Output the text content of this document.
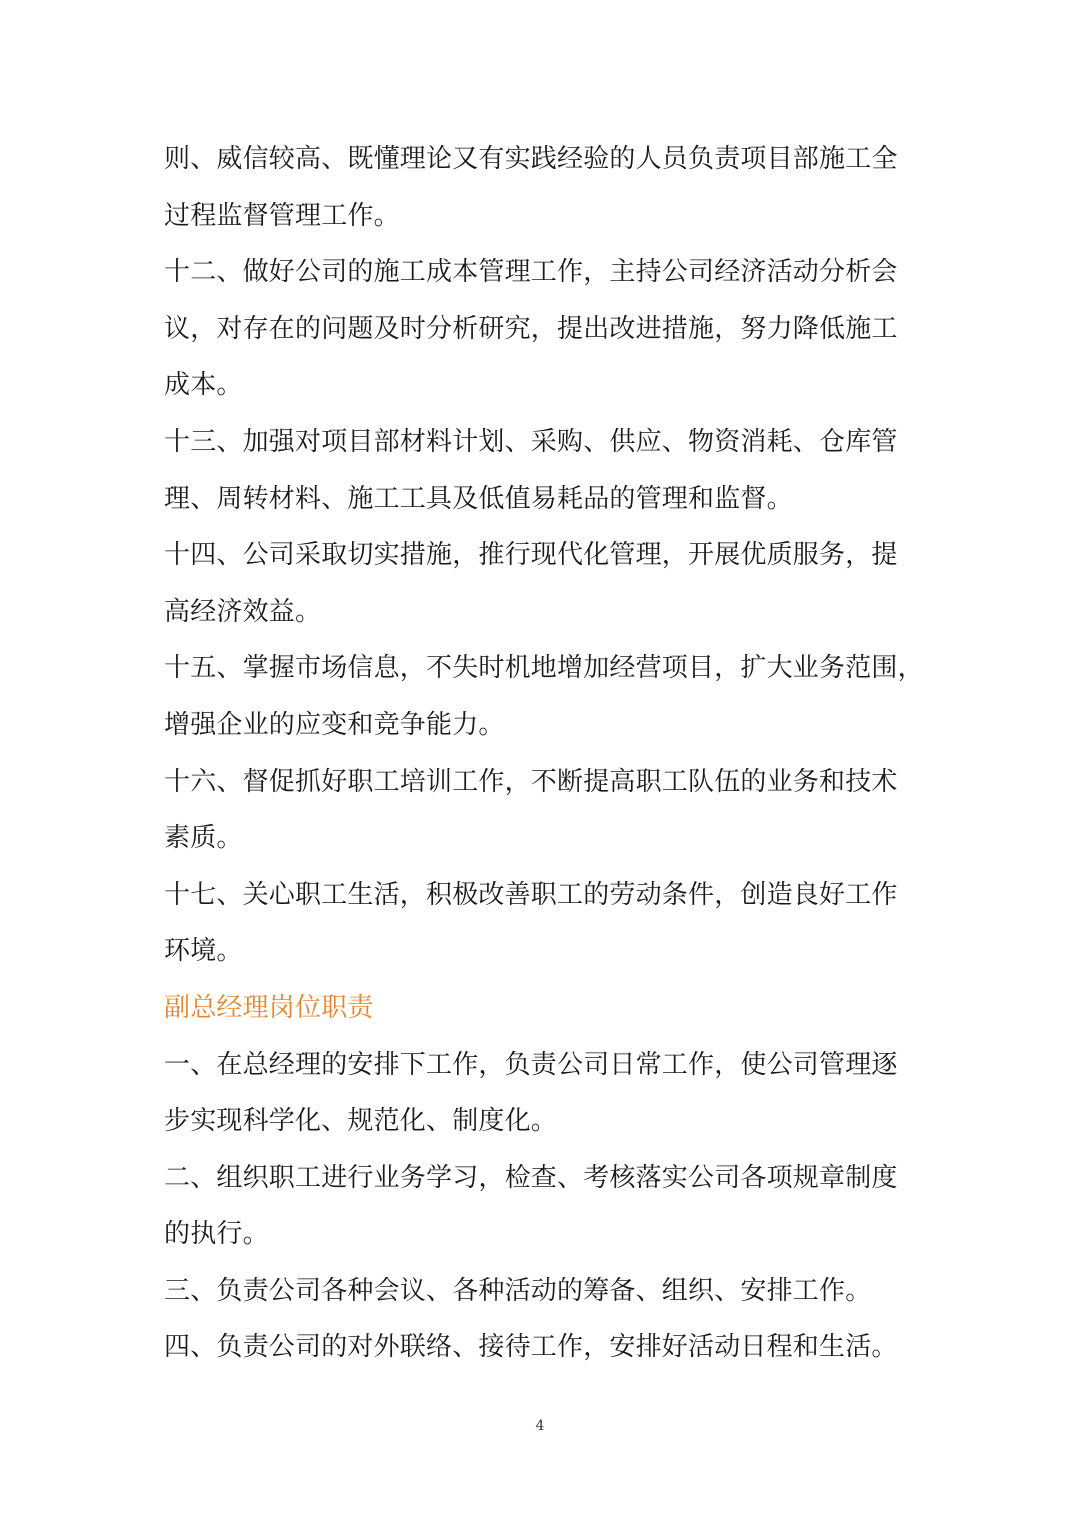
则、威信较高、既懂理论又有实践经验的人员负责项目部施工全
过程监督管理工作。
十二、做好公司的施工成本管理工作，主持公司经济活动分析会
议，对存在的问题及时分析研究，提出改进措施，努力降低施工
成本。
十三、加强对项目部材料计划、采购、供应、物资消耗、仓库管
理、周转材料、施工工具及低值易耗品的管理和监督。
十四、公司采取切实措施，推行现代化管理，开展优质服务，提
高经济效益。
十五、掌握市场信息，不失时机地增加经营项目，扩大业务范围，
增强企业的应变和竞争能力。
十六、督促抓好职工培训工作，不断提高职工队伍的业务和技术
素质。
十七、关心职工生活，积极改善职工的劳动条件，创造良好工作
环境。
副总经理岗位职责
一、在总经理的安排下工作，负责公司日常工作，使公司管理逐
步实现科学化、规范化、制度化。
二、组织职工进行业务学习，检查、考核落实公司各项规章制度
的执行。
三、负责公司各种会议、各种活动的筹备、组织、安排工作。
四、负责公司的对外联络、接待工作，安排好活动日程和生活。
4
